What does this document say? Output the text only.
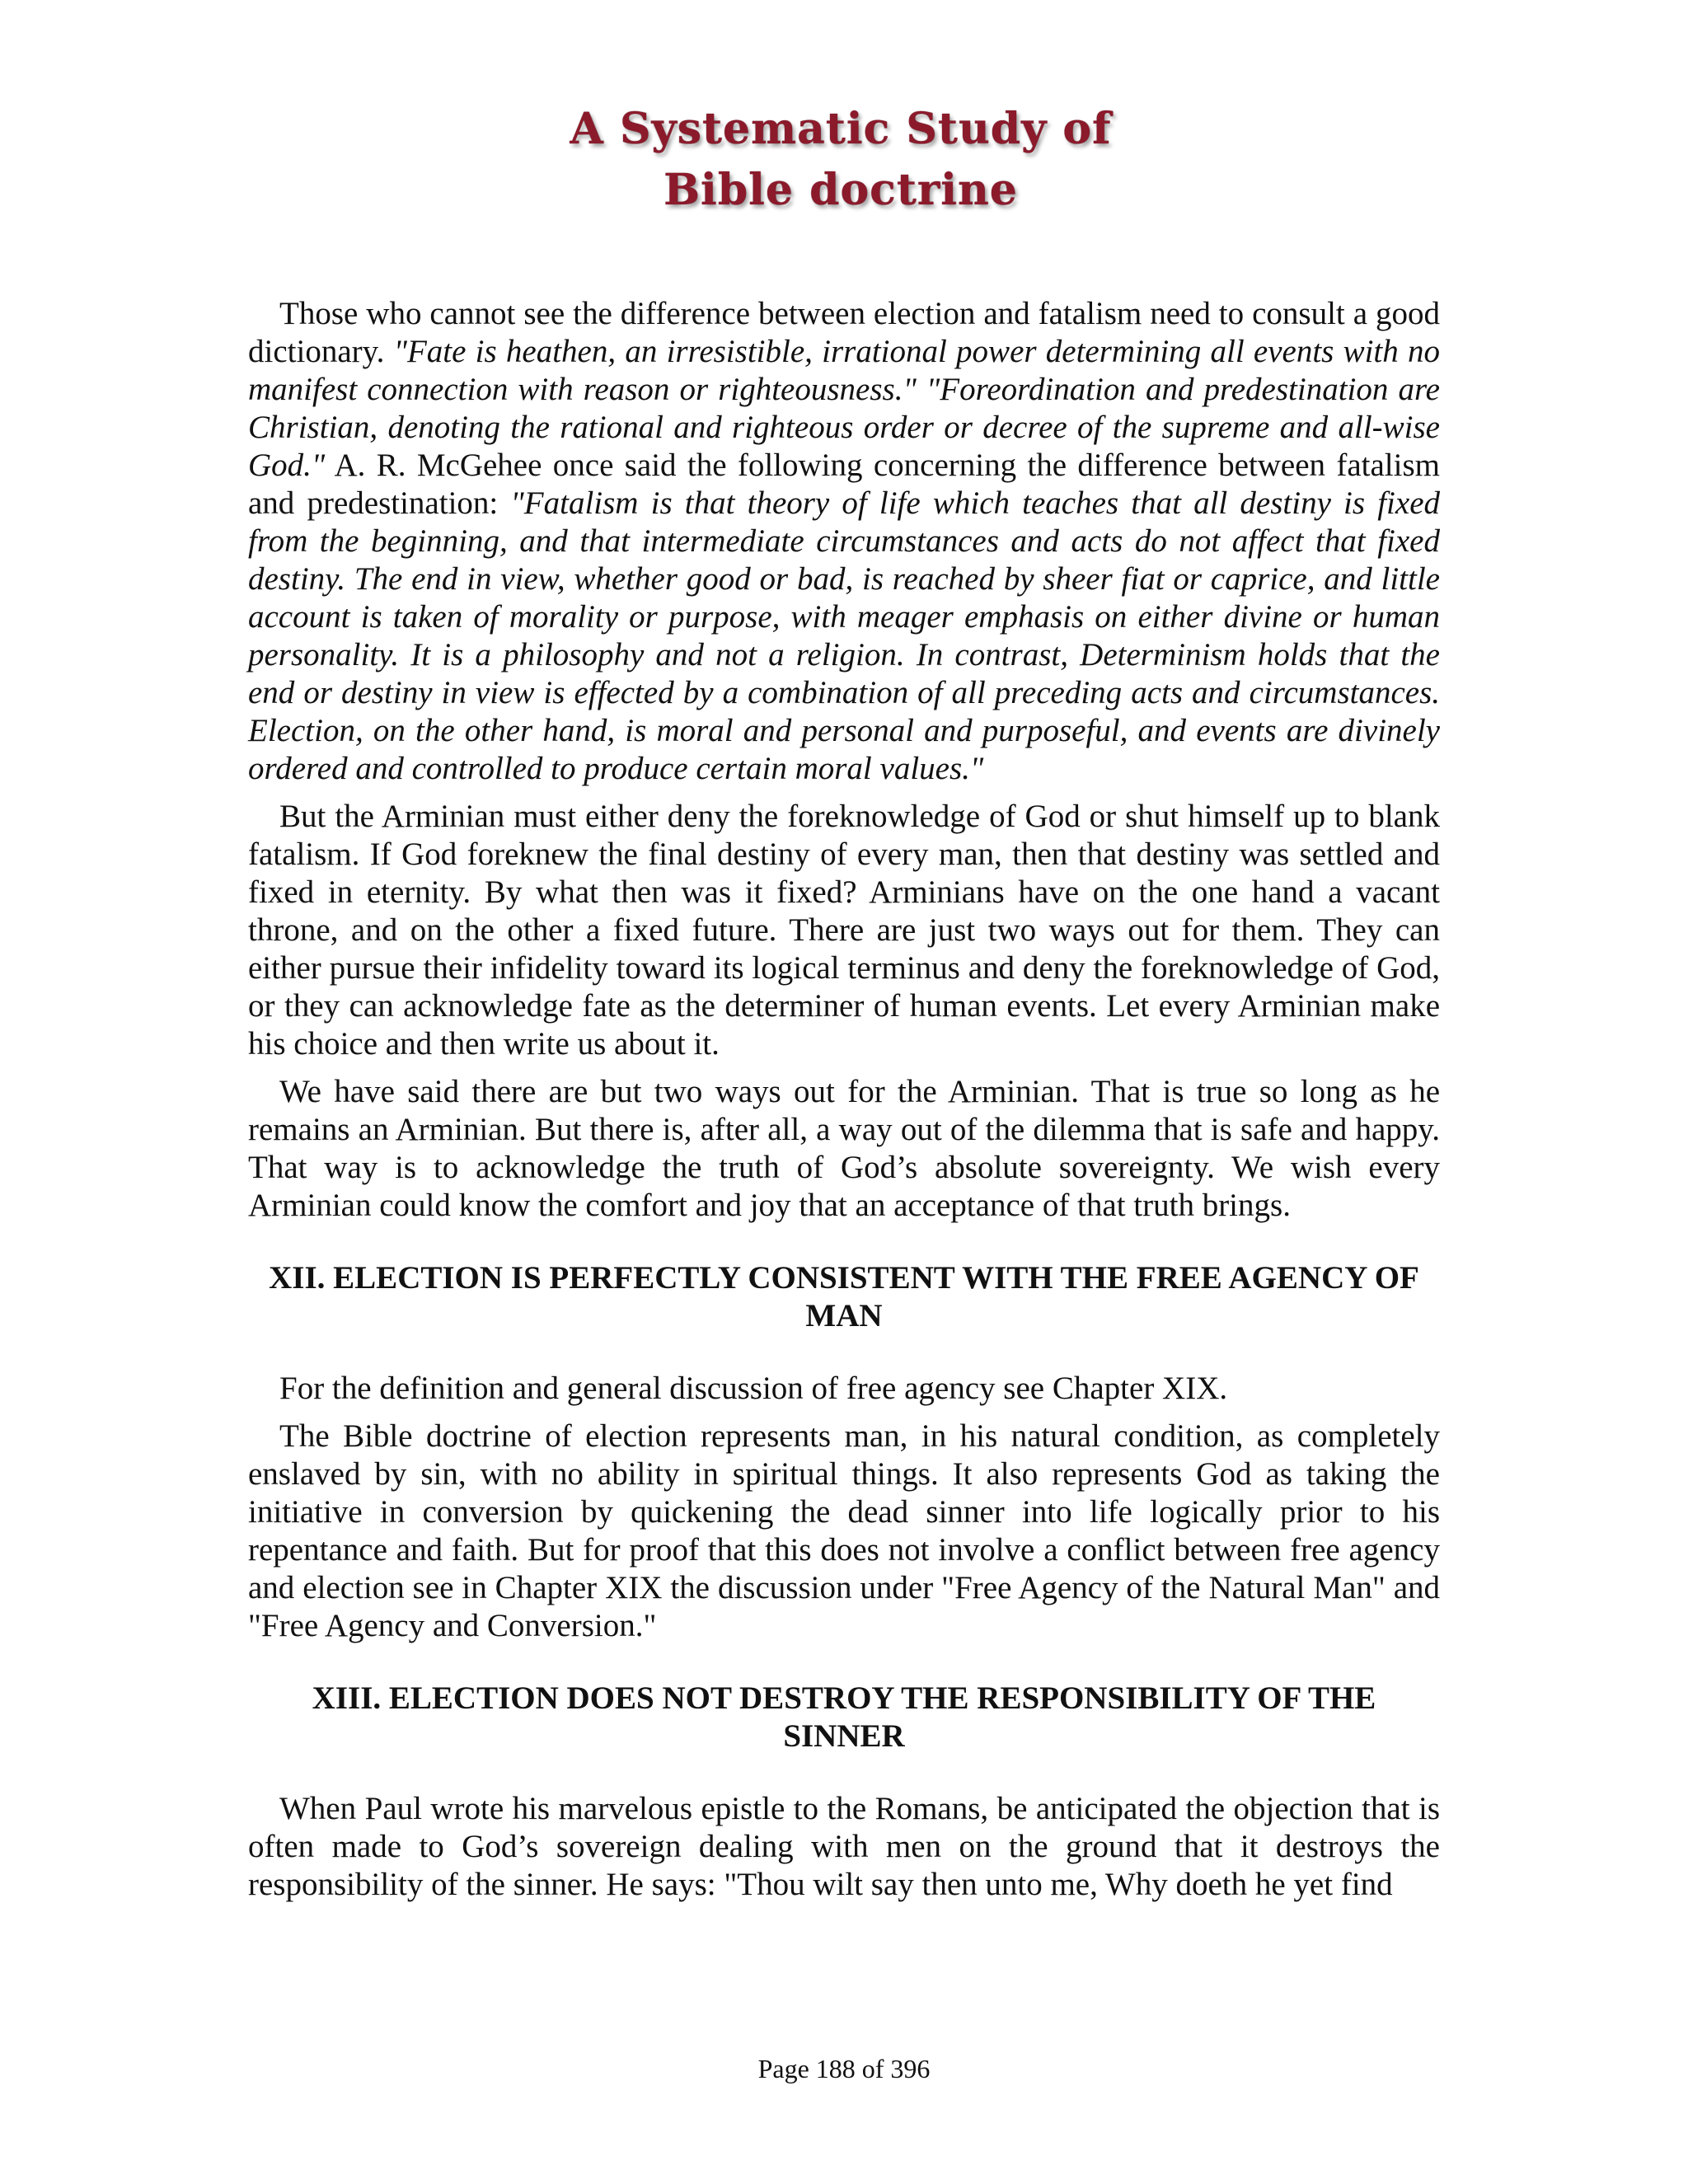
A Systematic Study of
Bible doctrine

Those who cannot see the difference between election and fatalism need to consult a good dictionary. "Fate is heathen, an irresistible, irrational power determining all events with no manifest connection with reason or righteousness." "Foreordination and predestination are Christian, denoting the rational and righteous order or decree of the supreme and all-wise God." A. R. McGehee once said the following concerning the difference between fatalism and predestination: "Fatalism is that theory of life which teaches that all destiny is fixed from the beginning, and that intermediate circumstances and acts do not affect that fixed destiny. The end in view, whether good or bad, is reached by sheer fiat or caprice, and little account is taken of morality or purpose, with meager emphasis on either divine or human personality. It is a philosophy and not a religion. In contrast, Determinism holds that the end or destiny in view is effected by a combination of all preceding acts and circumstances. Election, on the other hand, is moral and personal and purposeful, and events are divinely ordered and controlled to produce certain moral values."

But the Arminian must either deny the foreknowledge of God or shut himself up to blank fatalism. If God foreknew the final destiny of every man, then that destiny was settled and fixed in eternity. By what then was it fixed? Arminians have on the one hand a vacant throne, and on the other a fixed future. There are just two ways out for them. They can either pursue their infidelity toward its logical terminus and deny the foreknowledge of God, or they can acknowledge fate as the determiner of human events. Let every Arminian make his choice and then write us about it.

We have said there are but two ways out for the Arminian. That is true so long as he remains an Arminian. But there is, after all, a way out of the dilemma that is safe and happy. That way is to acknowledge the truth of God’s absolute sovereignty. We wish every Arminian could know the comfort and joy that an acceptance of that truth brings.

XII. ELECTION IS PERFECTLY CONSISTENT WITH THE FREE AGENCY OF MAN

For the definition and general discussion of free agency see Chapter XIX.

The Bible doctrine of election represents man, in his natural condition, as completely enslaved by sin, with no ability in spiritual things. It also represents God as taking the initiative in conversion by quickening the dead sinner into life logically prior to his repentance and faith. But for proof that this does not involve a conflict between free agency and election see in Chapter XIX the discussion under "Free Agency of the Natural Man" and "Free Agency and Conversion."

XIII. ELECTION DOES NOT DESTROY THE RESPONSIBILITY OF THE SINNER

When Paul wrote his marvelous epistle to the Romans, be anticipated the objection that is often made to God’s sovereign dealing with men on the ground that it destroys the responsibility of the sinner. He says: "Thou wilt say then unto me, Why doeth he yet find

Page 188 of 396
